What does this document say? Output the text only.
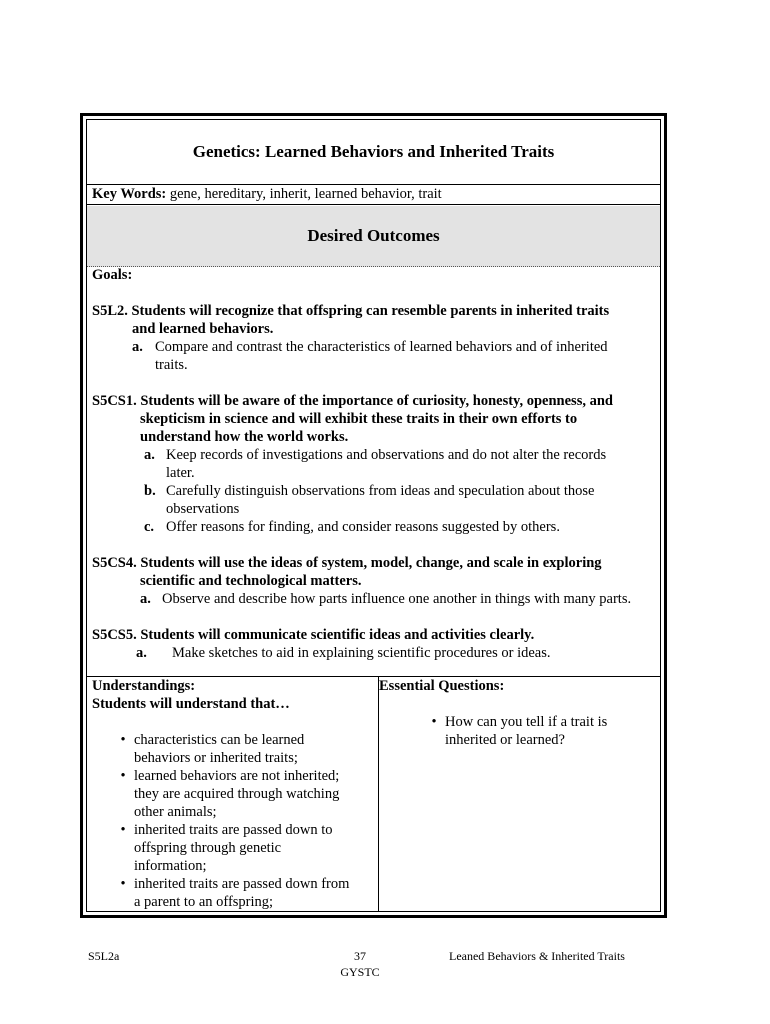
Genetics: Learned Behaviors and Inherited Traits
Key Words: gene, hereditary, inherit, learned behavior, trait
Desired Outcomes

Goals:

S5L2. Students will recognize that offspring can resemble parents in inherited traits

and learned behaviors.

a. Compare and contrast the characteristics of learned behaviors and of inherited

traits.

S5CS1. Students will be aware of the importance of curiosity, honesty, openness, and

skepticism in science and will exhibit these traits in their own efforts to

understand how the world works.

a. Keep records of investigations and observations and do not alter the records

later.

b. Carefully distinguish observations from ideas and speculation about those

observations

c. Offer reasons for finding, and consider reasons suggested by others.

S5CS4. Students will use the ideas of system, model, change, and scale in exploring

scientific and technological matters.

a. Observe and describe how parts influence one another in things with many parts.

S5CS5. Students will communicate scientific ideas and activities clearly.

a.	Make sketches to aid in explaining scientific procedures or ideas.
Understandings:
Students will understand that…
• characteristics can be learned
behaviors or inherited traits;
• learned behaviors are not inherited;
they are acquired through watching
other animals;
• inherited traits are passed down to
offspring through genetic
information;
• inherited traits are passed down from
a parent to an offspring;
Essential Questions:
• How can you tell if a trait is
inherited or learned?
S5L2a	37
GYSTC
Leaned Behaviors & Inherited Traits
